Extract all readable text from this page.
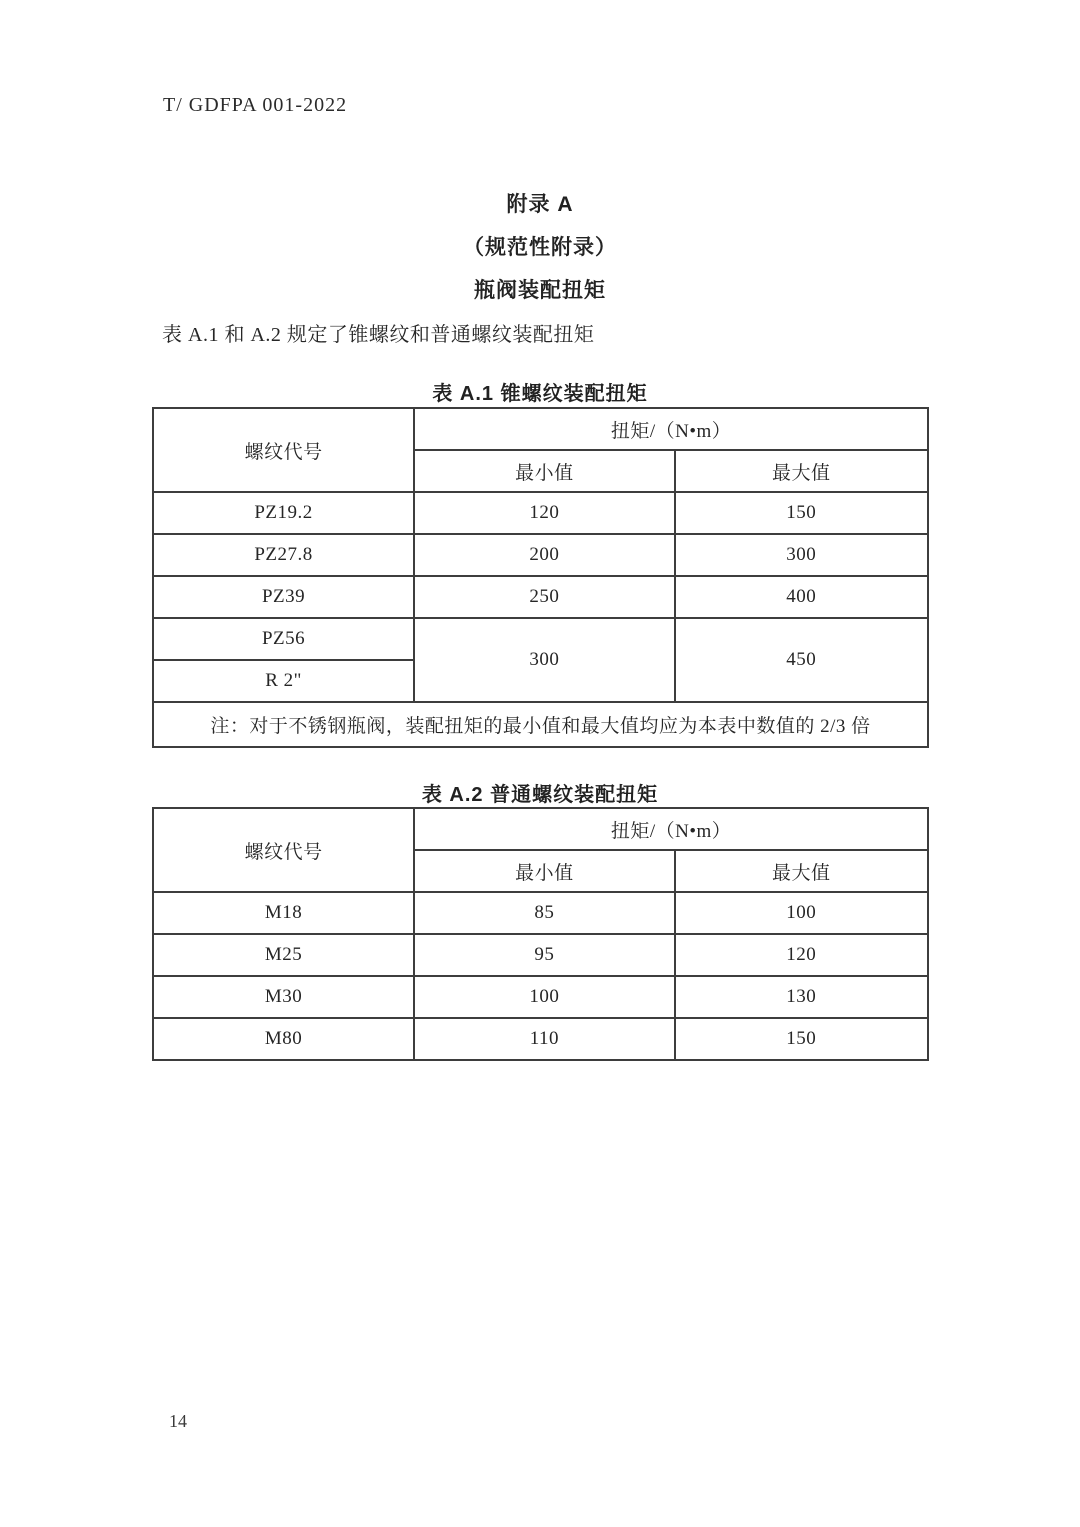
T/ GDFPA 001-2022
附录 A
（规范性附录）
瓶阀装配扭矩
表 A.1 和 A.2 规定了锥螺纹和普通螺纹装配扭矩
表 A.1 锥螺纹装配扭矩
螺纹代号	扭矩/（N•m）	
	最小值	最大值
PZ19.2	120	150
PZ27.8	200	300
PZ39	250	400
PZ56	300	450
R 2"		
注：对于不锈钢瓶阀，装配扭矩的最小值和最大值均应为本表中数值的 2/3 倍		
表 A.2 普通螺纹装配扭矩
螺纹代号	扭矩/（N•m）	
	最小值	最大值
M18	85	100
M25	95	120
M30	100	130
M80	110	150
14
